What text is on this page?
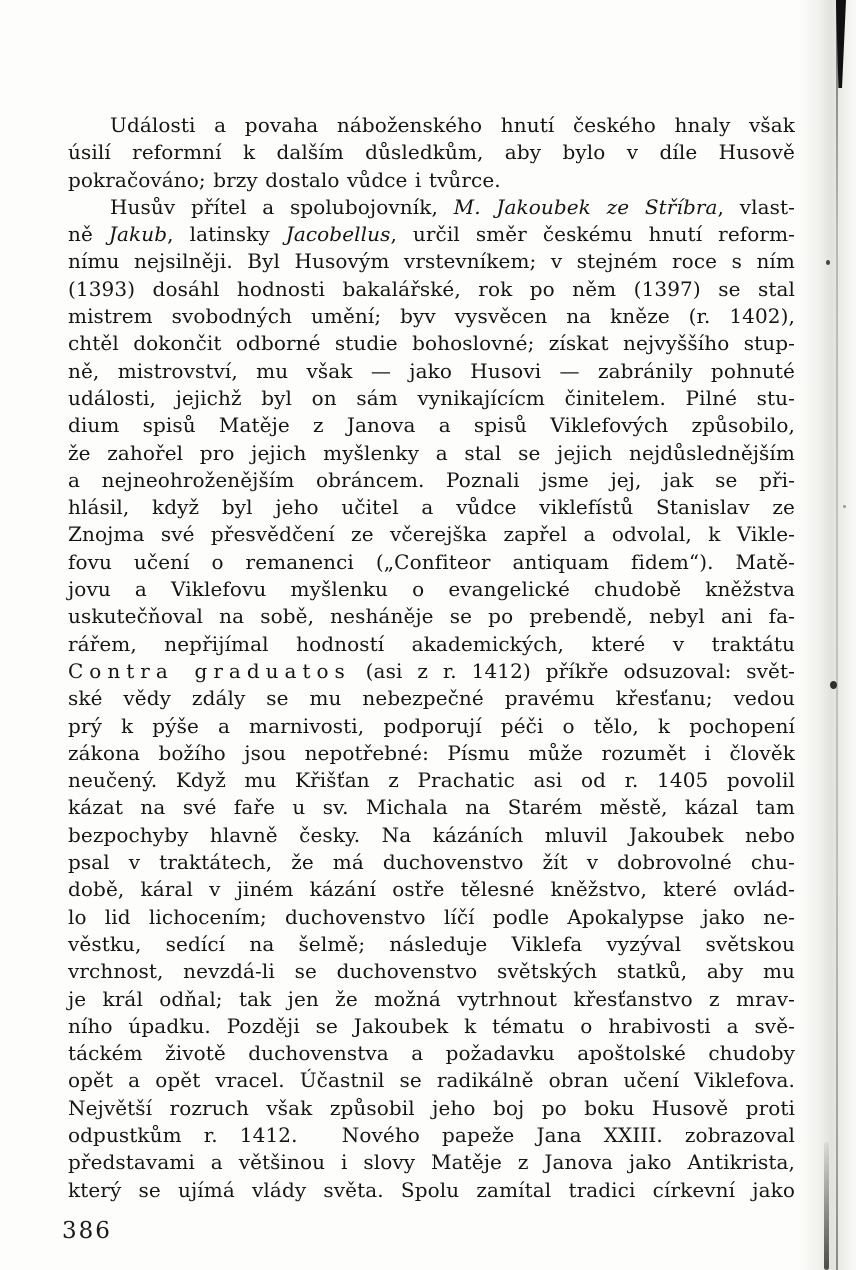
Události a povaha náboženského hnutí českého hnaly však
úsilí reformní k dalším důsledkům, aby bylo v díle Husově
pokračováno; brzy dostalo vůdce i tvůrce.
Husův přítel a spolubojovník, M. Jakoubek ze Stříbra, vlast-
ně Jakub, latinsky Jacobellus, určil směr českému hnutí reform-
nímu nejsilněji. Byl Husovým vrstevníkem; v stejném roce s ním
(1393) dosáhl hodnosti bakalářské, rok po něm (1397) se stal
mistrem svobodných umění; byv vysvěcen na kněze (r. 1402),
chtěl dokončit odborné studie bohoslovné; získat nejvyššího stup-
ně, mistrovství, mu však — jako Husovi — zabránily pohnuté
události, jejichž byl on sám vynikajícícm činitelem. Pilné stu-
dium spisů Matěje z Janova a spisů Viklefových způsobilo,
že zahořel pro jejich myšlenky a stal se jejich nejdůslednějším
a nejneohroženějším obráncem. Poznali jsme jej, jak se při-
hlásil, když byl jeho učitel a vůdce viklefístů Stanislav ze
Znojma své přesvědčení ze včerejška zapřel a odvolal, k Vikle-
fovu učení o remanenci („Confiteor antiquam fidem“). Matě-
jovu a Viklefovu myšlenku o evangelické chudobě kněžstva
uskutečňoval na sobě, nesháněje se po prebendě, nebyl ani fa-
rářem, nepřijímal hodností akademických, které v traktátu
Contra graduatos (asi z r. 1412) příkře odsuzoval: svět-
ské vědy zdály se mu nebezpečné pravému křesťanu; vedou
prý k pýše a marnivosti, podporují péči o tělo, k pochopení
zákona božího jsou nepotřebné: Písmu může rozumět i člověk
neučený. Když mu Křišťan z Prachatic asi od r. 1405 povolil
kázat na své faře u sv. Michala na Starém městě, kázal tam
bezpochyby hlavně česky. Na kázáních mluvil Jakoubek nebo
psal v traktátech, že má duchovenstvo žít v dobrovolné chu-
době, káral v jiném kázání ostře tělesné kněžstvo, které ovlád-
lo lid lichocením; duchovenstvo líčí podle Apokalypse jako ne-
věstku, sedící na šelmě; následuje Viklefa vyzýval světskou
vrchnost, nevzdá-li se duchovenstvo světských statků, aby mu
je král odňal; tak jen že možná vytrhnout křesťanstvo z mrav-
ního úpadku. Později se Jakoubek k tématu o hrabivosti a svě-
táckém životě duchovenstva a požadavku apoštolské chudoby
opět a opět vracel. Účastnil se radikálně obran učení Viklefova.
Největší rozruch však způsobil jeho boj po boku Husově proti
odpustkům r. 1412.  Nového papeže Jana XXIII. zobrazoval
představami a většinou i slovy Matěje z Janova jako Antikrista,
který se ujímá vlády světa. Spolu zamítal tradici církevní jako
386
